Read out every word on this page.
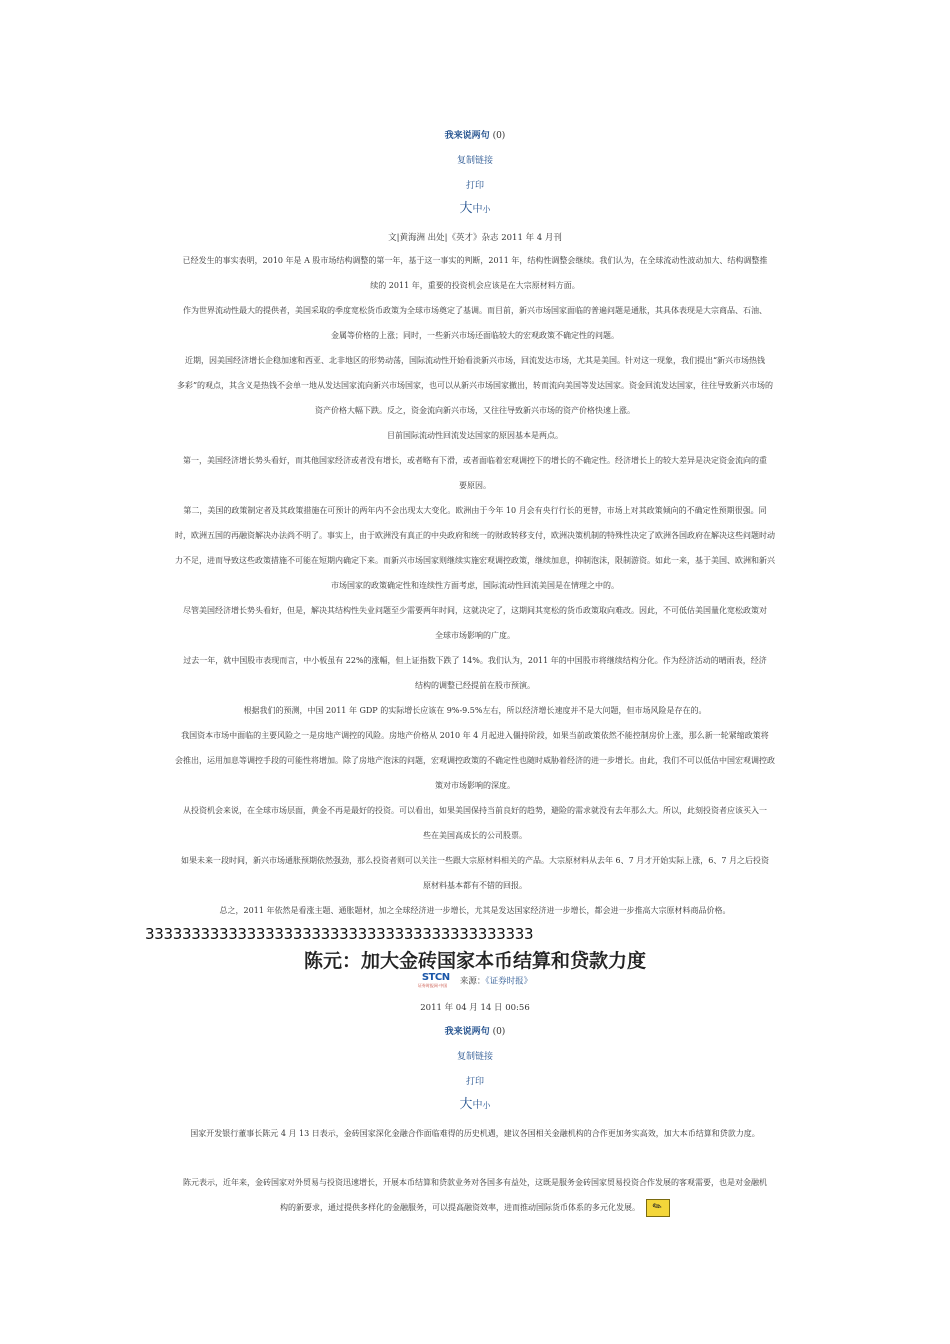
我来说两句 (0)
复制链接
打印
大中小
文|黄海洲 出处|《英才》杂志 2011 年 4 月刊

已经发生的事实表明，2010 年是 A 股市场结构调整的第一年，基于这一事实的判断，2011 年，结构性调整会继续。我们认为，在全球流动性波动加大、结构调整推
续的 2011 年，重要的投资机会应该是在大宗原材料方面。

作为世界流动性最大的提供者，美国采取的季度宽松货币政策为全球市场奠定了基调。而目前，新兴市场国家面临的普遍问题是通胀，其具体表现是大宗商品、石油、
金属等价格的上涨；同时，一些新兴市场还面临较大的宏观政策不确定性的问题。

近期，因美国经济增长企稳加速和西亚、北非地区的形势动荡，国际流动性开始看淡新兴市场，回流发达市场，尤其是美国。针对这一现象，我们提出“新兴市场热钱
多彩”的观点，其含义是热钱不会单一地从发达国家流向新兴市场国家，也可以从新兴市场国家撤出，转而流向美国等发达国家。资金回流发达国家，往往导致新兴市场的
资产价格大幅下跌。反之，资金流向新兴市场，又往往导致新兴市场的资产价格快速上涨。

目前国际流动性回流发达国家的原因基本是两点。

第一，美国经济增长势头看好，而其他国家经济或者没有增长，或者略有下滑，或者面临着宏观调控下的增长的不确定性。经济增长上的较大差异是决定资金流向的重
要原因。

第二，美国的政策制定者及其政策措施在可预计的两年内不会出现太大变化。欧洲由于今年 10 月会有央行行长的更替，市场上对其政策倾向的不确定性预期很强。同
时，欧洲五国的再融资解决办法尚不明了。事实上，由于欧洲没有真正的中央政府和统一的财政转移支付，欧洲决策机制的特殊性决定了欧洲各国政府在解决这些问题时动
力不足，进而导致这些政策措施不可能在短期内确定下来。而新兴市场国家则继续实施宏观调控政策，继续加息，抑制泡沫，限制游资。如此一来，基于美国、欧洲和新兴
市场国家的政策确定性和连续性方面考虑，国际流动性回流美国是在情理之中的。

尽管美国经济增长势头看好，但是，解决其结构性失业问题至少需要两年时间，这就决定了，这期间其宽松的货币政策取向难改。因此，不可低估美国量化宽松政策对
全球市场影响的广度。

过去一年，就中国股市表现而言，中小板虽有 22%的涨幅，但上证指数下跌了 14%。我们认为，2011 年的中国股市将继续结构分化。作为经济活动的晴雨表，经济
结构的调整已经提前在股市预演。

根据我们的预测，中国 2011 年 GDP 的实际增长应该在 9%-9.5%左右，所以经济增长速度并不是大问题，但市场风险是存在的。

我国资本市场中面临的主要风险之一是房地产调控的风险。房地产价格从 2010 年 4 月起进入僵持阶段，如果当前政策依然不能控制房价上涨，那么新一轮紧缩政策将
会推出，运用加息等调控手段的可能性将增加。除了房地产泡沫的问题，宏观调控政策的不确定性也随时威胁着经济的进一步增长。由此，我们不可以低估中国宏观调控政
策对市场影响的深度。

从投资机会来说，在全球市场层面，黄金不再是最好的投资。可以看出，如果美国保持当前良好的趋势，避险的需求就没有去年那么大。所以，此刻投资者应该买入一
些在美国高成长的公司股票。

如果未来一段时间，新兴市场通胀预期依然强劲，那么投资者则可以关注一些跟大宗原材料相关的产品。大宗原材料从去年 6、7 月才开始实际上涨，6、7 月之后投资
原材料基本都有不错的回报。

总之，2011 年依然是看涨主题、通胀题材，加之全球经济进一步增长，尤其是发达国家经济进一步增长，都会进一步推高大宗原材料商品价格。

333333333333333333333333333333333333333333
陈元：加大金砖国家本币结算和贷款力度
STCN
证券时报网·中国 来源：《证券时报》
2011 年 04 月 14 日 00:56
我来说两句 (0)
复制链接
打印
大中小

国家开发银行董事长陈元 4 月 13 日表示，金砖国家深化金融合作面临难得的历史机遇，建议各国相关金融机构的合作更加务实高效，加大本币结算和贷款力度。

陈元表示，近年来，金砖国家对外贸易与投资迅速增长，开展本币结算和贷款业务对各国多有益处，这既是服务金砖国家贸易投资合作发展的客观需要，也是对金融机
构的新要求，通过提供多样化的金融服务，可以提高融资效率，进而推动国际货币体系的多元化发展。 ✎
